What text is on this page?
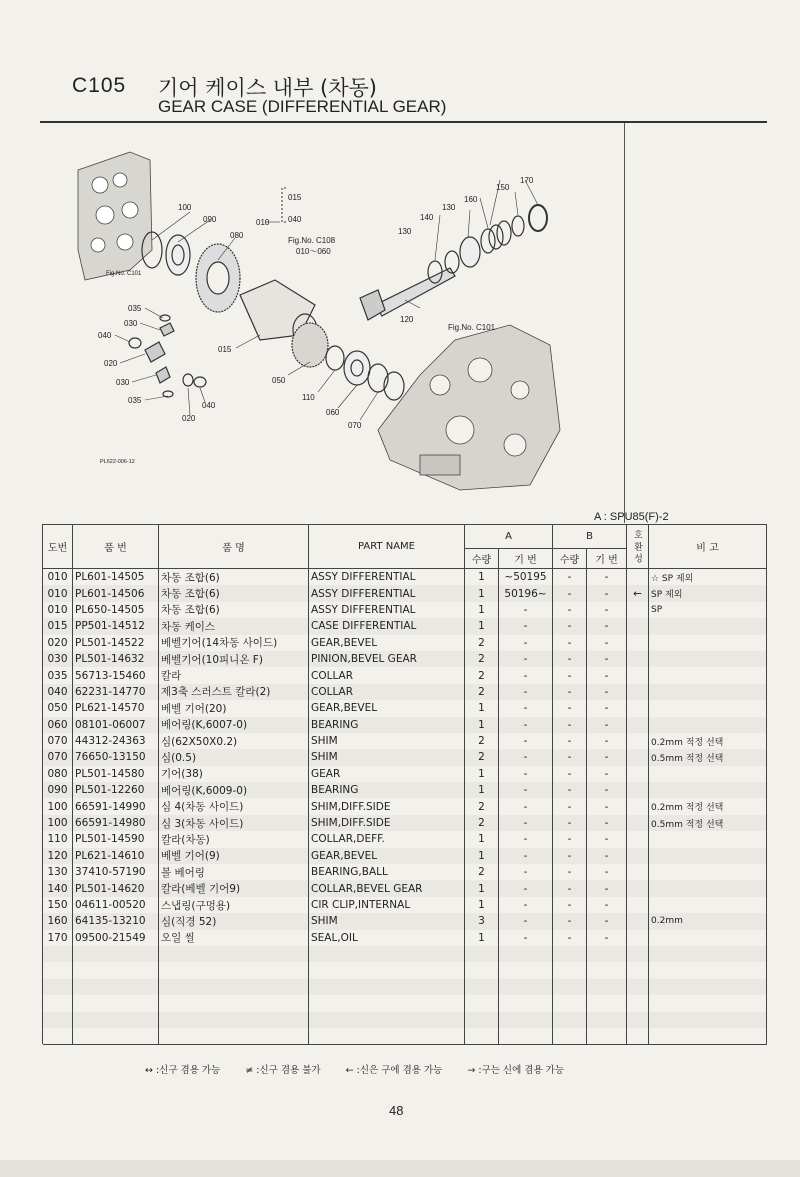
C105 기어 케이스 내부 (차동)
GEAR CASE (DIFFERENTIAL GEAR)
100
090	010
080
015
040
Fig.No. C108
010～060
150
170
160
130
140
130
120
Fig.No. C101
Fig.No. C101
035
030
040
020
015
030
035
040
020
050
110
060
070
PL622-006-12
A : SPU85(F)-2
도번	품 번	품 명	PART NAME	A		B		호 환 성	비 고
				수량	기 번	수량	기 번		
010	PL601-14505	차동 조합(6)	ASSY DIFFERENTIAL	1	~50195	-	-		☆ SP 제외
010	PL601-14506	차동 조합(6)	ASSY DIFFERENTIAL	1	50196~	-	-	←	SP 제외
010	PL650-14505	차동 조합(6)	ASSY DIFFERENTIAL	1	-	-	-		SP
015	PP501-14512	차동 케이스	CASE DIFFERENTIAL	1	-	-	-		
020	PL501-14522	베벨기어(14차동 사이드)	GEAR,BEVEL	2	-	-	-		
030	PL501-14632	베벨기어(10피니온 F)	PINION,BEVEL GEAR	2	-	-	-		
035	56713-15460	칼라	COLLAR	2	-	-	-		
040	62231-14770	제3축 스러스트 칼라(2)	COLLAR	2	-	-	-		
050	PL621-14570	베벨 기어(20)	GEAR,BEVEL	1	-	-	-		
060	08101-06007	베어링(K,6007-0)	BEARING	1	-	-	-		
070	44312-24363	심(62X50X0.2)	SHIM	2	-	-	-		0.2mm 적정 선택
070	76650-13150	심(0.5)	SHIM	2	-	-	-		0.5mm 적정 선택
080	PL501-14580	기어(38)	GEAR	1	-	-	-		
090	PL501-12260	베어링(K,6009-0)	BEARING	1	-	-	-		
100	66591-14990	심 4(차동 사이드)	SHIM,DIFF.SIDE	2	-	-	-		0.2mm 적정 선택
100	66591-14980	심 3(차동 사이드)	SHIM,DIFF.SIDE	2	-	-	-		0.5mm 적정 선택
110	PL501-14590	칼라(차동)	COLLAR,DEFF.	1	-	-	-		
120	PL621-14610	베벨 기어(9)	GEAR,BEVEL	1	-	-	-		
130	37410-57190	볼 베어링	BEARING,BALL	2	-	-	-		
140	PL501-14620	칼라(베벨 기어9)	COLLAR,BEVEL GEAR	1	-	-	-		
150	04611-00520	스냅링(구멍용)	CIR CLIP,INTERNAL	1	-	-	-		
160	64135-13210	심(직경 52)	SHIM	3	-	-	-		0.2mm
170	09500-21549	오일 씰	SEAL,OIL	1	-	-	-		

↔ :신구 겸용 가능	≠ :신구 겸용 불가	← :신은 구에 겸용 가능	→ :구는 신에 겸용 가능
48
